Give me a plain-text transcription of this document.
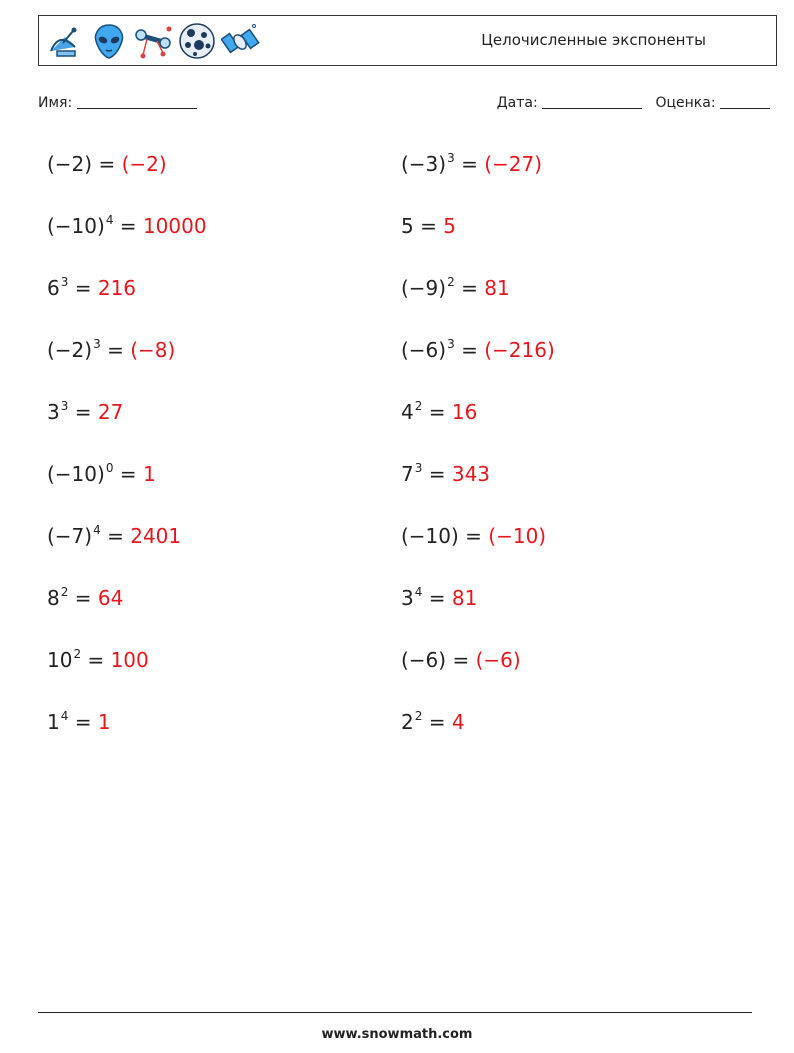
Целочисленные экспоненты
Имя:	Дата:	Оценка:
(−2) = (−2)	$(-3)^3 = (-27)$
$(-10)^4 = 10000$	5 = 5
$6^3 = 216$	$(-9)^2 = 81$
$(-2)^3 = (-8)$	$(-6)^3 = (-216)$
$3^3 = 27$	$4^2 = 16$
$(-10)^0 = 1$	$7^3 = 343$
$(-7)^4 = 2401$	(−10) = (−10)
$8^2 = 64$	$3^4 = 81$
$10^2 = 100$	(−6) = (−6)
$1^4 = 1$	$2^2 = 4$
www.snowmath.com
